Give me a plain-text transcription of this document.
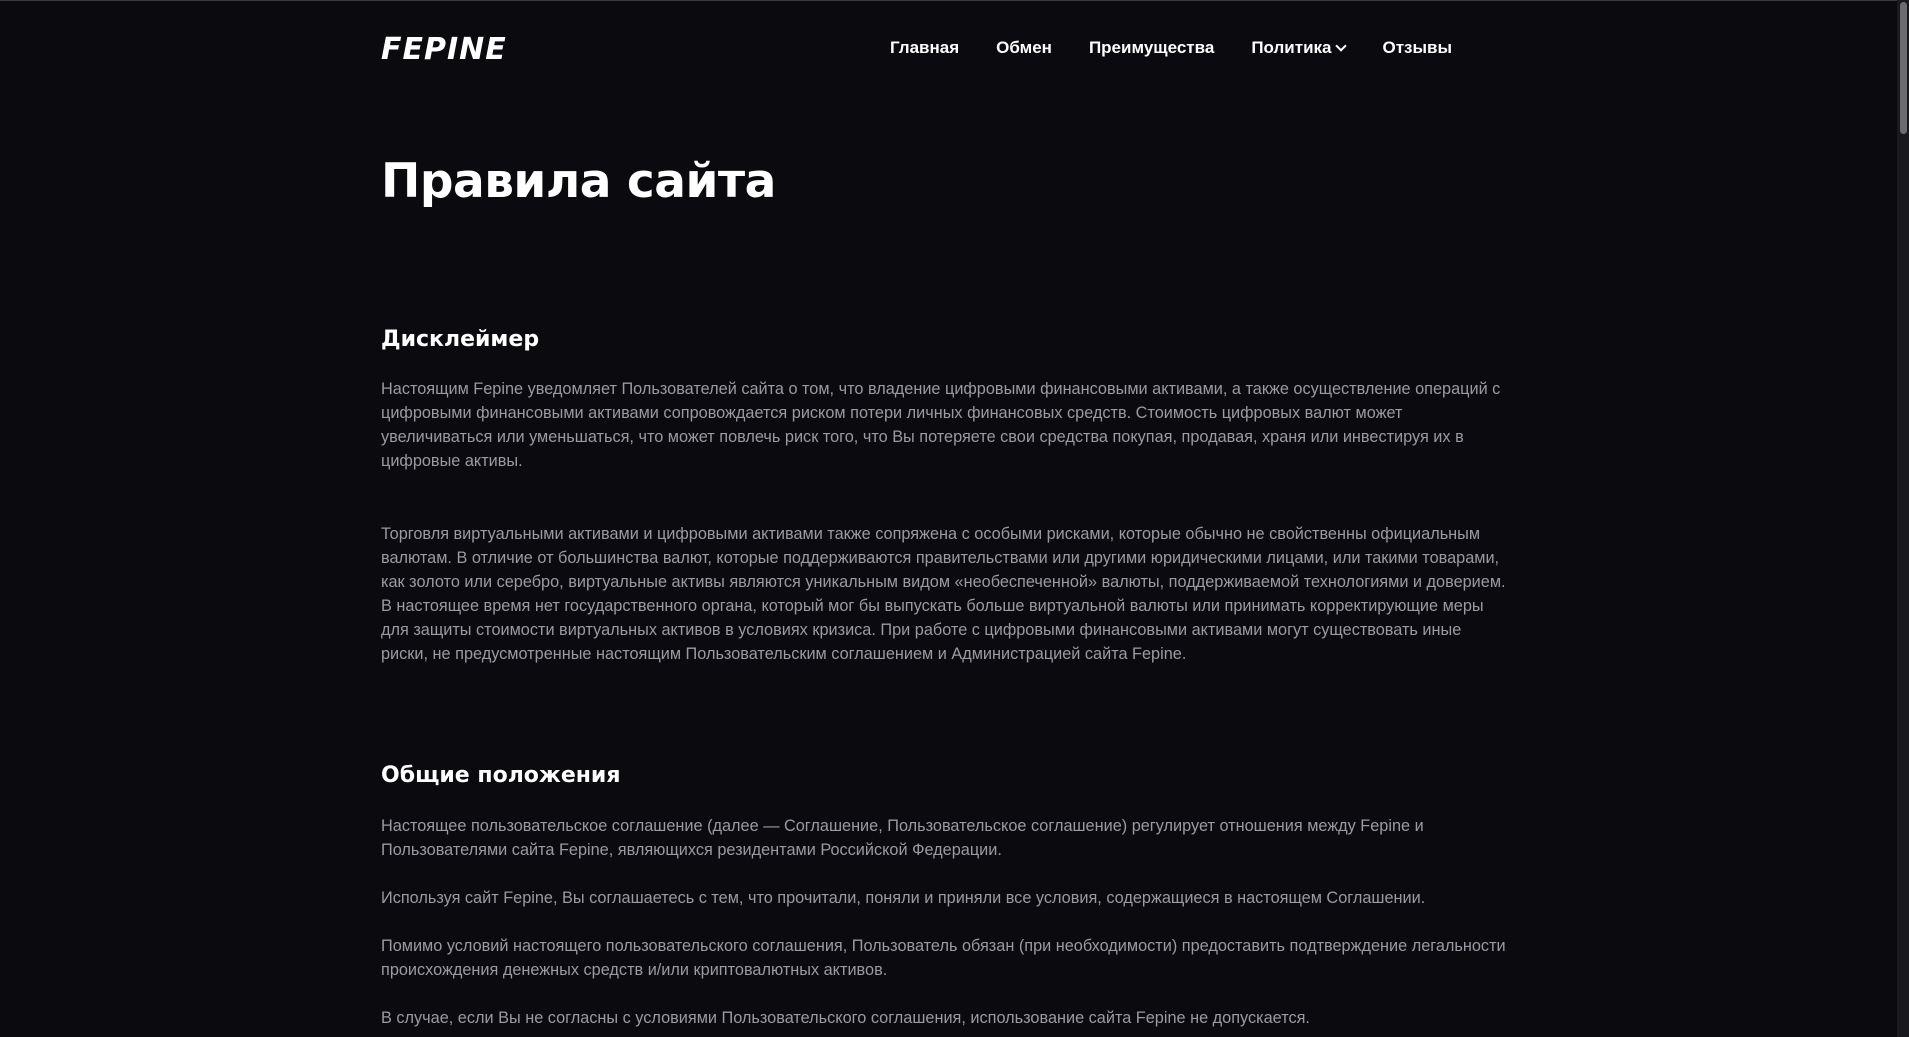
FEPINE	Главная Обмен Преимущества Политика	Отзывы
Правила сайта
Дисклеймер

Настоящим Fepine уведомляет Пользователей сайта о том, что владение цифровыми финансовыми активами, а также осуществление операций с цифровыми финансовыми активами сопровождается риском потери личных финансовых средств. Стоимость цифровых валют может увеличиваться или уменьшаться, что может повлечь риск того, что Вы потеряете свои средства покупая, продавая, храня или инвестируя их в цифровые активы.

Торговля виртуальными активами и цифровыми активами также сопряжена с особыми рисками, которые обычно не свойственны официальным валютам. В отличие от большинства валют, которые поддерживаются правительствами или другими юридическими лицами, или такими товарами, как золото или серебро, виртуальные активы являются уникальным видом «необеспеченной» валюты, поддерживаемой технологиями и доверием. В настоящее время нет государственного органа, который мог бы выпускать больше виртуальной валюты или принимать корректирующие меры для защиты стоимости виртуальных активов в условиях кризиса. При работе с цифровыми финансовыми активами могут существовать иные риски, не предусмотренные настоящим Пользовательским соглашением и Администрацией сайта Fepine.

Общие положения

Настоящее пользовательское соглашение (далее — Соглашение, Пользовательское соглашение) регулирует отношения между Fepine и Пользователями сайта Fepine, являющихся резидентами Российской Федерации.

Используя сайт Fepine, Вы соглашаетесь с тем, что прочитали, поняли и приняли все условия, содержащиеся в настоящем Соглашении.

Помимо условий настоящего пользовательского соглашения, Пользователь обязан (при необходимости) предоставить подтверждение легальности происхождения денежных средств и/или криптовалютных активов.

В случае, если Вы не согласны с условиями Пользовательского соглашения, использование сайта Fepine не допускается.
